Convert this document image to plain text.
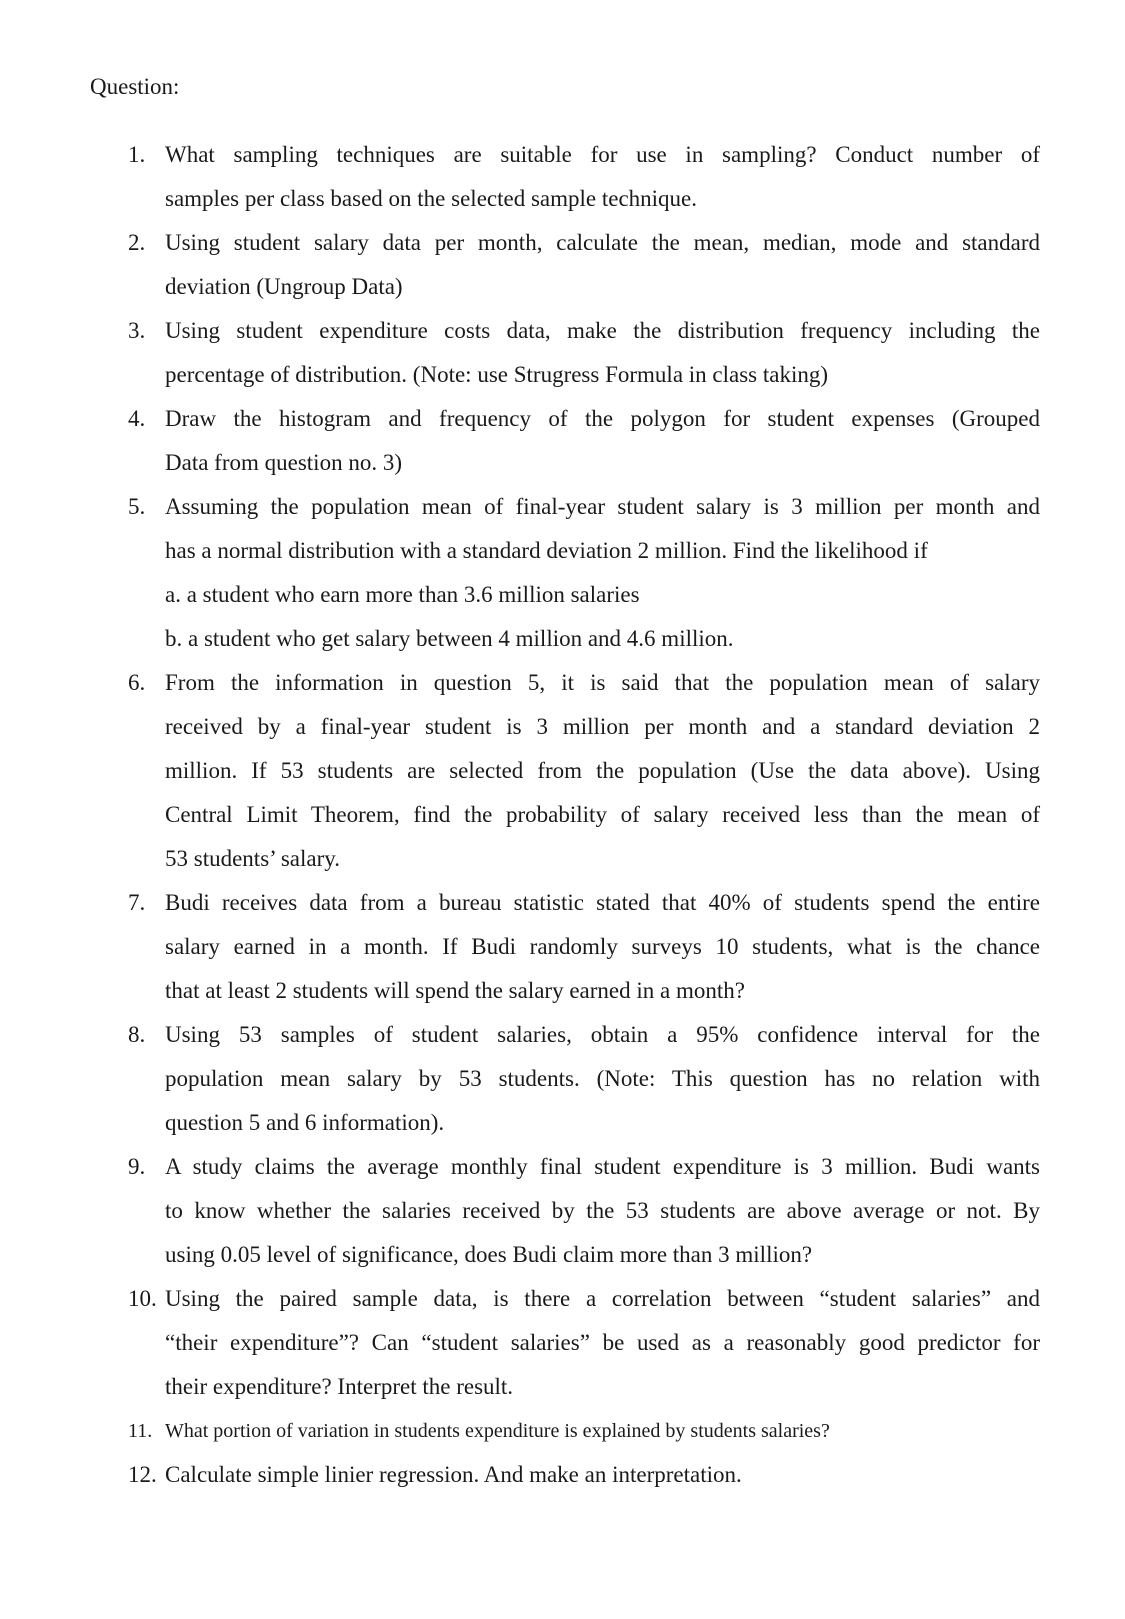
Question:
1. What sampling techniques are suitable for use in sampling? Conduct number of
samples per class based on the selected sample technique.
2. Using student salary data per month, calculate the mean, median, mode and standard
deviation (Ungroup Data)
3. Using student expenditure costs data, make the distribution frequency including the
percentage of distribution. (Note: use Strugress Formula in class taking)
4. Draw the histogram and frequency of the polygon for student expenses (Grouped
Data from question no. 3)
5. Assuming the population mean of final-year student salary is 3 million per month and
has a normal distribution with a standard deviation 2 million. Find the likelihood if
a. a student who earn more than 3.6 million salaries
b. a student who get salary between 4 million and 4.6 million.
6. From the information in question 5, it is said that the population mean of salary
received by a final-year student is 3 million per month and a standard deviation 2
million. If 53 students are selected from the population (Use the data above). Using
Central Limit Theorem, find the probability of salary received less than the mean of
53 students’ salary.
7. Budi receives data from a bureau statistic stated that 40% of students spend the entire
salary earned in a month. If Budi randomly surveys 10 students, what is the chance
that at least 2 students will spend the salary earned in a month?
8. Using 53 samples of student salaries, obtain a 95% confidence interval for the
population mean salary by 53 students. (Note: This question has no relation with
question 5 and 6 information).
9. A study claims the average monthly final student expenditure is 3 million. Budi wants
to know whether the salaries received by the 53 students are above average or not. By
using 0.05 level of significance, does Budi claim more than 3 million?
10. Using the paired sample data, is there a correlation between “student salaries” and
“their expenditure”? Can “student salaries” be used as a reasonably good predictor for
their expenditure? Interpret the result.
11. What portion of variation in students expenditure is explained by students salaries?
12. Calculate simple linier regression. And make an interpretation.
